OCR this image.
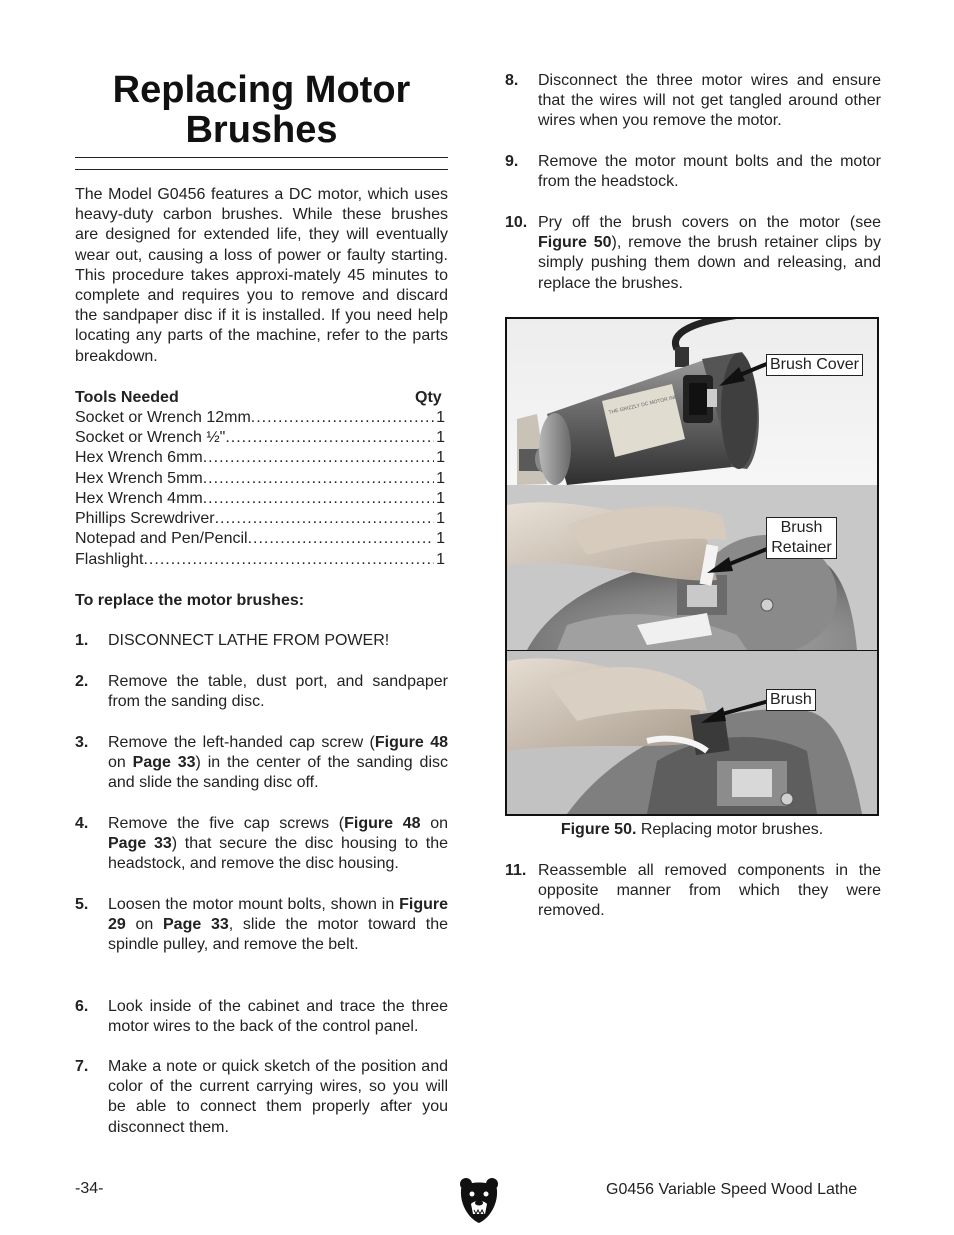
Replacing Motor Brushes
The Model G0456 features a DC motor, which uses heavy-duty carbon brushes. While these brushes are designed for extended life, they will eventually wear out, causing a loss of power or faulty starting. This procedure takes approxi-mately 45 minutes to complete and requires you to remove and discard the sandpaper disc if it is installed. If you need help locating any parts of the machine, refer to the parts breakdown.
Tools Needed	Qty
Socket or Wrench 12mm .....	1
Socket or Wrench ½" .....	1
Hex Wrench 6mm .....	1
Hex Wrench 5mm .....	1
Hex Wrench 4mm .....	1
Phillips Screwdriver .....	1
Notepad and Pen/Pencil .....	1
Flashlight .....	1
To replace the motor brushes:
1. DISCONNECT LATHE FROM POWER!
2. Remove the table, dust port, and sandpaper from the sanding disc.
3. Remove the left-handed cap screw (Figure 48 on Page 33) in the center of the sanding disc and slide the sanding disc off.
4. Remove the five cap screws (Figure 48 on Page 33) that secure the disc housing to the headstock, and remove the disc housing.
5. Loosen the motor mount bolts, shown in Figure 29 on Page 33, slide the motor toward the spindle pulley, and remove the belt.
6. Look inside of the cabinet and trace the three motor wires to the back of the control panel.
7. Make a note or quick sketch of the position and color of the current carrying wires, so you will be able to connect them properly after you disconnect them.
8. Disconnect the three motor wires and ensure that the wires will not get tangled around other wires when you remove the motor.
9. Remove the motor mount bolts and the motor from the headstock.
10. Pry off the brush covers on the motor (see Figure 50), remove the brush retainer clips by simply pushing them down and releasing, and replace the brushes.
THE GRIZZLY DC MOTOR INC.
Brush Cover
Brush Retainer
Brush
Figure 50. Replacing motor brushes.
11. Reassemble all removed components in the opposite manner from which they were removed.
-34-	G0456 Variable Speed Wood Lathe
